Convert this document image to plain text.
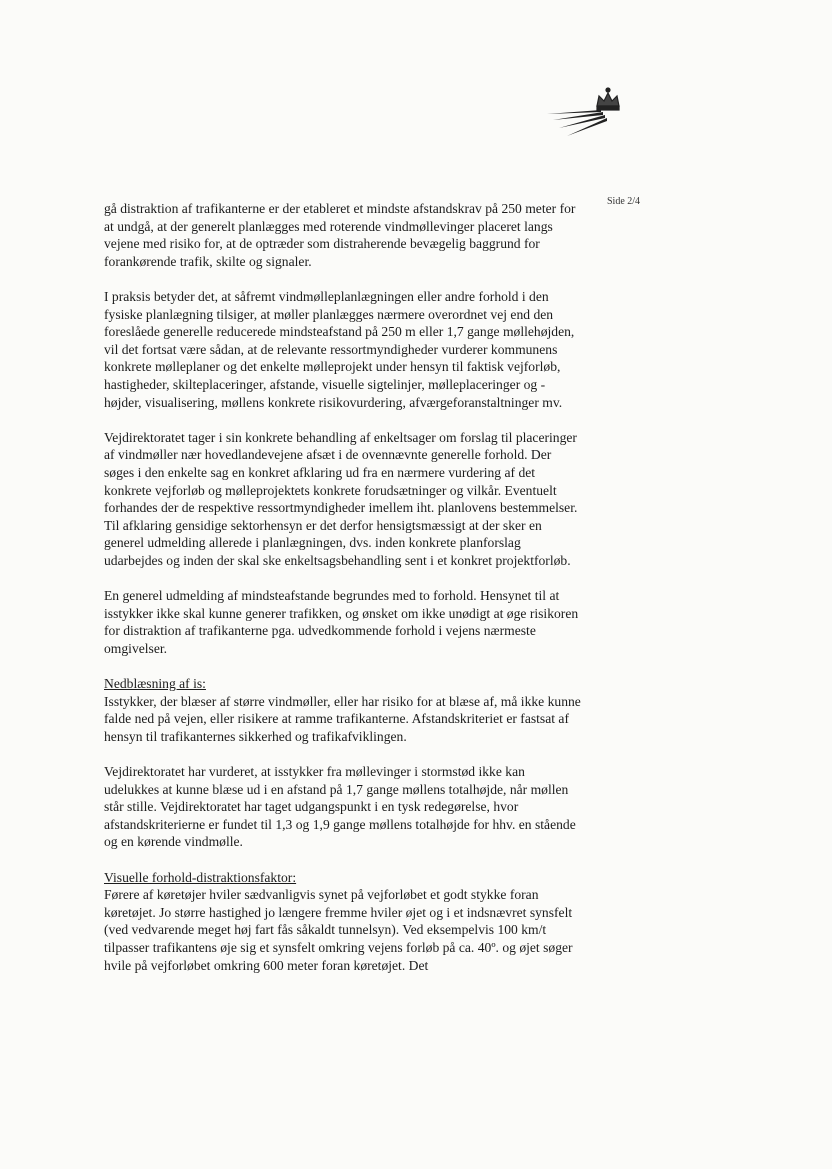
Side 2/4

gå distraktion af trafikanterne er der etableret et mindste afstandskrav på 250 meter for at undgå, at der generelt planlægges med roterende vindmøllevinger placeret langs vejene med risiko for, at de optræder som distraherende bevægelig baggrund for forankørende trafik, skilte og signaler.

I praksis betyder det, at såfremt vindmølleplanlægningen eller andre forhold i den fysiske planlægning tilsiger, at møller planlægges nærmere overordnet vej end den foreslåede generelle reducerede mindsteafstand på 250 m eller 1,7 gange møllehøjden, vil det fortsat være sådan, at de relevante ressortmyndigheder vurderer kommunens konkrete mølleplaner og det enkelte mølleprojekt under hensyn til faktisk vejforløb, hastigheder, skilteplaceringer, afstande, visuelle sigtelinjer, mølleplaceringer og -højder, visualisering, møllens konkrete risikovurdering, afværgeforanstaltninger mv.

Vejdirektoratet tager i sin konkrete behandling af enkeltsager om forslag til placeringer af vindmøller nær hovedlandevejene afsæt i de ovennævnte generelle forhold. Der søges i den enkelte sag en konkret afklaring ud fra en nærmere vurdering af det konkrete vejforløb og mølleprojektets konkrete forudsætninger og vilkår. Eventuelt forhandes der de respektive ressortmyndigheder imellem iht. planlovens bestemmelser. Til afklaring gensidige sektorhensyn er det derfor hensigtsmæssigt at der sker en generel udmelding allerede i planlægningen, dvs. inden konkrete planforslag udarbejdes og inden der skal ske enkeltsagsbehandling sent i et konkret projektforløb.

En generel udmelding af mindsteafstande begrundes med to forhold. Hensynet til at isstykker ikke skal kunne generer trafikken, og ønsket om ikke unødigt at øge risikoren for distraktion af trafikanterne pga. udvedkommende forhold i vejens nærmeste omgivelser.

Nedblæsning af is:

Isstykker, der blæser af større vindmøller, eller har risiko for at blæse af, må ikke kunne falde ned på vejen, eller risikere at ramme trafikanterne. Afstandskriteriet er fastsat af hensyn til trafikanternes sikkerhed og trafikafviklingen.

Vejdirektoratet har vurderet, at isstykker fra møllevinger i stormstød ikke kan udelukkes at kunne blæse ud i en afstand på 1,7 gange møllens totalhøjde, når møllen står stille. Vejdirektoratet har taget udgangspunkt i en tysk redegørelse, hvor afstandskriterierne er fundet til 1,3 og 1,9 gange møllens totalhøjde for hhv. en stående og en kørende vindmølle.

Visuelle forhold-distraktionsfaktor:

Førere af køretøjer hviler sædvanligvis synet på vejforløbet et godt stykke foran køretøjet. Jo større hastighed jo længere fremme hviler øjet og i et indsnævret synsfelt (ved vedvarende meget høj fart fås såkaldt tunnelsyn). Ved eksempelvis 100 km/t tilpasser trafikantens øje sig et synsfelt omkring vejens forløb på ca. 40º. og øjet søger hvile på vejforløbet omkring 600 meter foran køretøjet. Det
